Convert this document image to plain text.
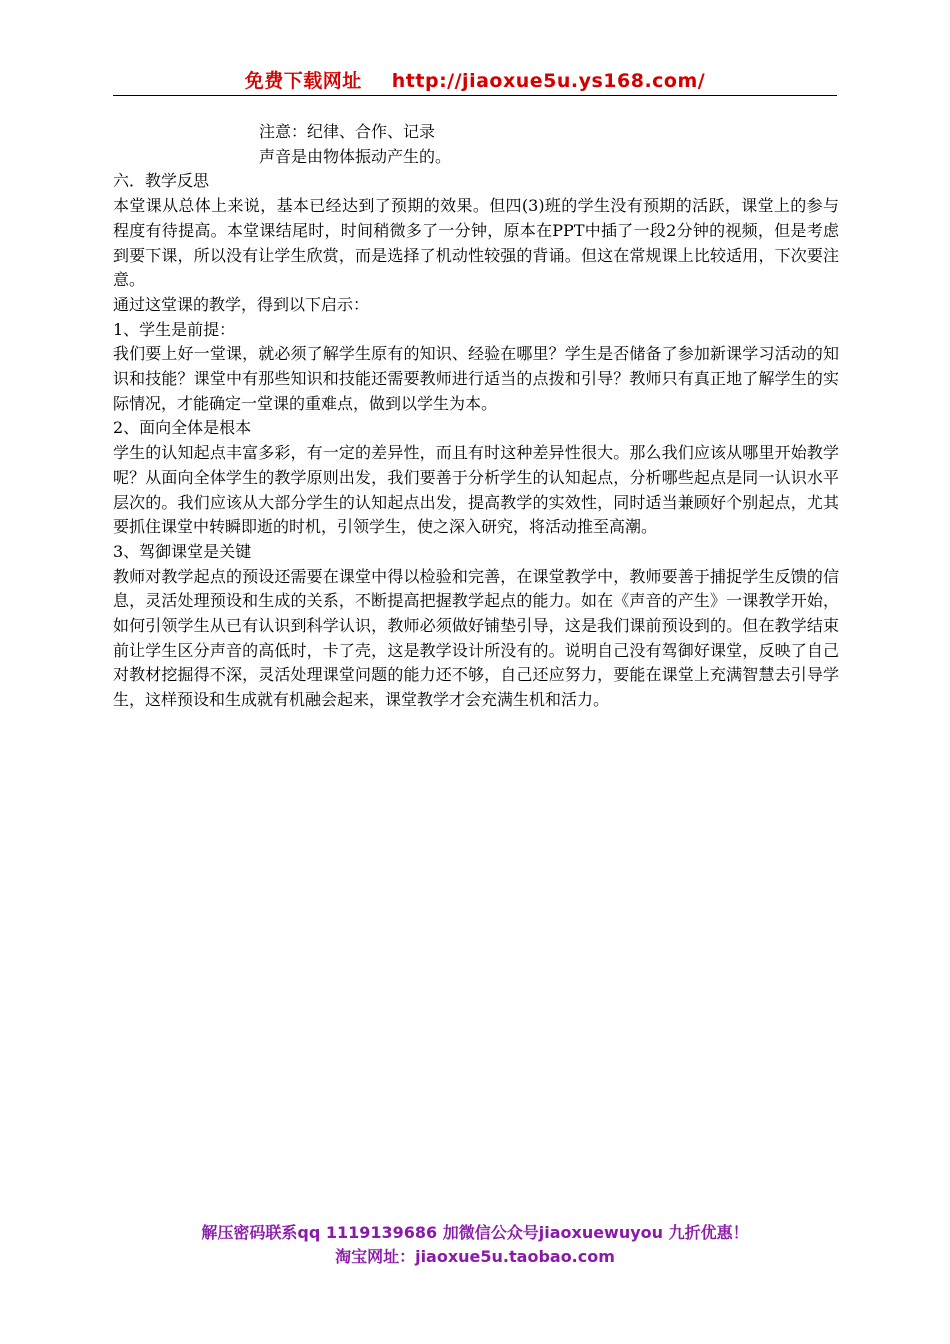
免费下载网址 http://jiaoxue5u.ys168.com/

注意：纪律、合作、记录

声音是由物体振动产生的。

六．教学反思

本堂课从总体上来说，基本已经达到了预期的效果。但四(3)班的学生没有预期的活跃，课堂上的参与程度有待提高。本堂课结尾时，时间稍微多了一分钟，原本在PPT中插了一段2分钟的视频，但是考虑到要下课，所以没有让学生欣赏，而是选择了机动性较强的背诵。但这在常规课上比较适用，下次要注意。

通过这堂课的教学，得到以下启示：

1、学生是前提：

我们要上好一堂课，就必须了解学生原有的知识、经验在哪里？学生是否储备了参加新课学习活动的知识和技能？课堂中有那些知识和技能还需要教师进行适当的点拨和引导？教师只有真正地了解学生的实际情况，才能确定一堂课的重难点，做到以学生为本。

2、面向全体是根本

学生的认知起点丰富多彩，有一定的差异性，而且有时这种差异性很大。那么我们应该从哪里开始教学呢？从面向全体学生的教学原则出发，我们要善于分析学生的认知起点，分析哪些起点是同一认识水平层次的。我们应该从大部分学生的认知起点出发，提高教学的实效性，同时适当兼顾好个别起点，尤其要抓住课堂中转瞬即逝的时机，引领学生，使之深入研究，将活动推至高潮。

3、驾御课堂是关键

教师对教学起点的预设还需要在课堂中得以检验和完善，在课堂教学中，教师要善于捕捉学生反馈的信息，灵活处理预设和生成的关系，不断提高把握教学起点的能力。如在《声音的产生》一课教学开始，如何引领学生从已有认识到科学认识，教师必须做好铺垫引导，这是我们课前预设到的。但在教学结束前让学生区分声音的高低时，卡了壳，这是教学设计所没有的。说明自己没有驾御好课堂，反映了自己对教材挖掘得不深，灵活处理课堂问题的能力还不够，自己还应努力，要能在课堂上充满智慧去引导学生，这样预设和生成就有机融会起来，课堂教学才会充满生机和活力。

解压密码联系qq 1119139686 加微信公众号jiaoxuewuyou 九折优惠！
淘宝网址：jiaoxue5u.taobao.com
